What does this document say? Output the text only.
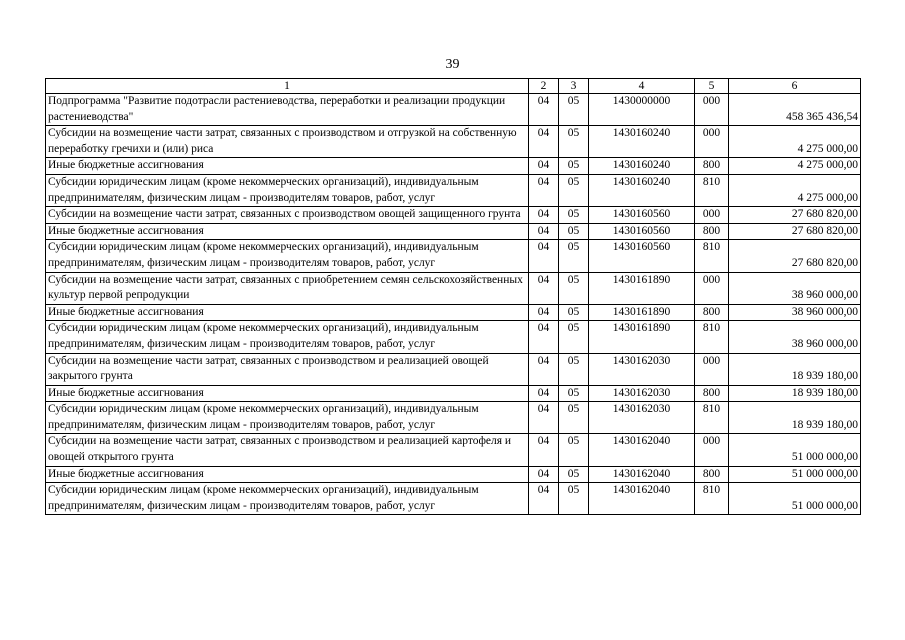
39
1	2	3	4	5	6
Подпрограмма "Развитие подотрасли растениеводства, переработки и реализации продукции растениеводства"	04	05	1430000000	000	458 365 436,54
Субсидии на возмещение части затрат, связанных с производством и отгрузкой на собственную переработку гречихи и (или) риса	04	05	1430160240	000	4 275 000,00
Иные бюджетные ассигнования	04	05	1430160240	800	4 275 000,00
Субсидии юридическим лицам (кроме некоммерческих организаций), индивидуальным предпринимателям, физическим лицам - производителям товаров, работ, услуг	04	05	1430160240	810	4 275 000,00
Субсидии на возмещение части затрат, связанных с производством овощей защищенного грунта	04	05	1430160560	000	27 680 820,00
Иные бюджетные ассигнования	04	05	1430160560	800	27 680 820,00
Субсидии юридическим лицам (кроме некоммерческих организаций), индивидуальным предпринимателям, физическим лицам - производителям товаров, работ, услуг	04	05	1430160560	810	27 680 820,00
Субсидии на возмещение части затрат, связанных с приобретением семян сельскохозяйственных культур первой репродукции	04	05	1430161890	000	38 960 000,00
Иные бюджетные ассигнования	04	05	1430161890	800	38 960 000,00
Субсидии юридическим лицам (кроме некоммерческих организаций), индивидуальным предпринимателям, физическим лицам - производителям товаров, работ, услуг	04	05	1430161890	810	38 960 000,00
Субсидии на возмещение части затрат, связанных с производством и реализацией овощей закрытого грунта	04	05	1430162030	000	18 939 180,00
Иные бюджетные ассигнования	04	05	1430162030	800	18 939 180,00
Субсидии юридическим лицам (кроме некоммерческих организаций), индивидуальным предпринимателям, физическим лицам - производителям товаров, работ, услуг	04	05	1430162030	810	18 939 180,00
Субсидии на возмещение части затрат, связанных с производством и реализацией картофеля и овощей открытого грунта	04	05	1430162040	000	51 000 000,00
Иные бюджетные ассигнования	04	05	1430162040	800	51 000 000,00
Субсидии юридическим лицам (кроме некоммерческих организаций), индивидуальным предпринимателям, физическим лицам - производителям товаров, работ, услуг	04	05	1430162040	810	51 000 000,00
